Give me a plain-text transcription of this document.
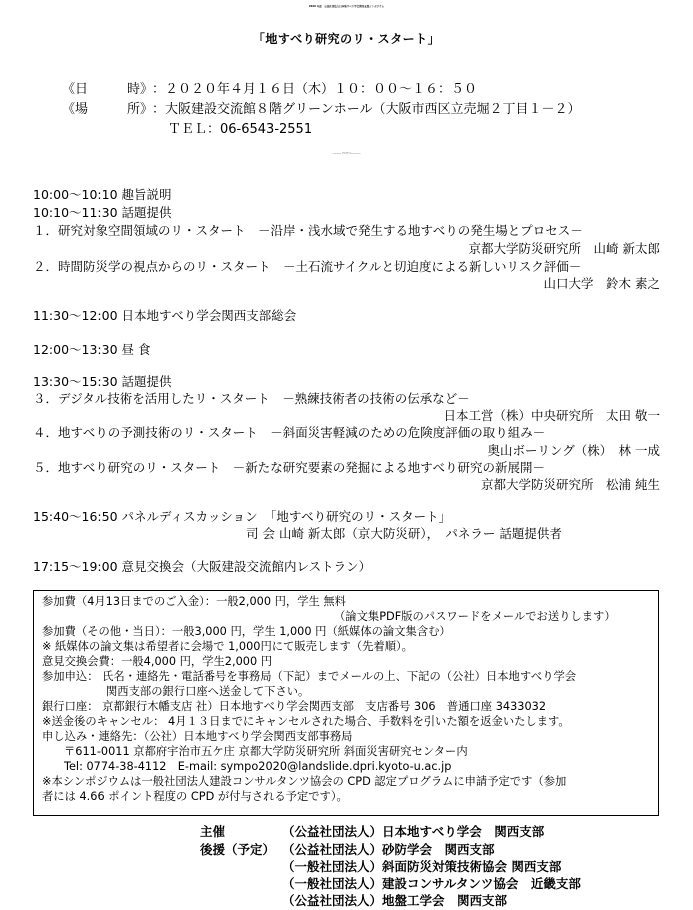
2020 年度　公益社団法人日本地すべり学会関西支部シンポジウム
「地すべり研究のリ・スタート」
《日　　　時》
：２０２０年４月１６日（木）１０：００〜１６：５０
《場　　　所》
：大阪建設交流館８階グリーンホール（大阪市西区立売堀２丁目１－２）
ＴＥＬ：06-6543-2551
------------ プログラム------------
10:00〜10:10 趣旨説明
10:10〜11:30 話題提供
１．研究対象空間領域のリ・スタート　－沿岸・浅水域で発生する地すべりの発生場とプロセス－
京都大学防災研究所　山崎 新太郎
２．時間防災学の視点からのリ・スタート　－土石流サイクルと切迫度による新しいリスク評価－
山口大学　鈴木 素之
11:30〜12:00 日本地すべり学会関西支部総会
12:00〜13:30 昼 食
13:30〜15:30 話題提供
３．デジタル技術を活用したリ・スタート　－熟練技術者の技術の伝承など－
日本工営（株）中央研究所　太田 敬一
４．地すべりの予測技術のリ・スタート　－斜面災害軽減のための危険度評価の取り組み－
奥山ボーリング（株）　林 一成
５．地すべり研究のリ・スタート　－新たな研究要素の発掘による地すべり研究の新展開－
京都大学防災研究所　松浦 純生
15:40〜16:50 パネルディスカッション　「地すべり研究のリ・スタート」
司 会 山崎 新太郎（京大防災研），　パネラー 話題提供者
17:15〜19:00 意見交換会（大阪建設交流館内レストラン）
参加費（4月13日までのご入金）：一般2,000 円，学生 無料
（論文集PDF版のパスワードをメールでお送りします）
参加費（その他・当日）：一般3,000 円，学生 1,000 円（紙媒体の論文集含む）
※ 紙媒体の論文集は希望者に会場で 1,000円にて販売します（先着順）。
意見交換会費：一般4,000 円，学生2,000 円
参加申込： 氏名・連絡先・電話番号を事務局（下記）までメールの上、下記の（公社）日本地すべり学会
関西支部の銀行口座へ送金して下さい。
銀行口座： 京都銀行木幡支店 社）日本地すべり学会関西支部　支店番号 306　普通口座 3433032
※送金後のキャンセル： 4月１３日までにキャンセルされた場合、手数料を引いた額を返金いたします。
申し込み・連絡先：（公社）日本地すべり学会関西支部事務局
〒611-0011 京都府宇治市五ケ庄 京都大学防災研究所 斜面災害研究センター内
Tel: 0774-38-4112　E-mail: sympo2020@landslide.dpri.kyoto-u.ac.jp
※本シンポジウムは一般社団法人建設コンサルタンツ協会の CPD 認定プログラムに申請予定です（参加
者には 4.66 ポイント程度の CPD が付与される予定です）。
主催	（公益社団法人）日本地すべり学会　関西支部
後援（予定） （公益社団法人）砂防学会　関西支部
（一般社団法人）斜面防災対策技術協会 関西支部
（一般社団法人）建設コンサルタンツ協会　近畿支部
（公益社団法人）地盤工学会　関西支部
